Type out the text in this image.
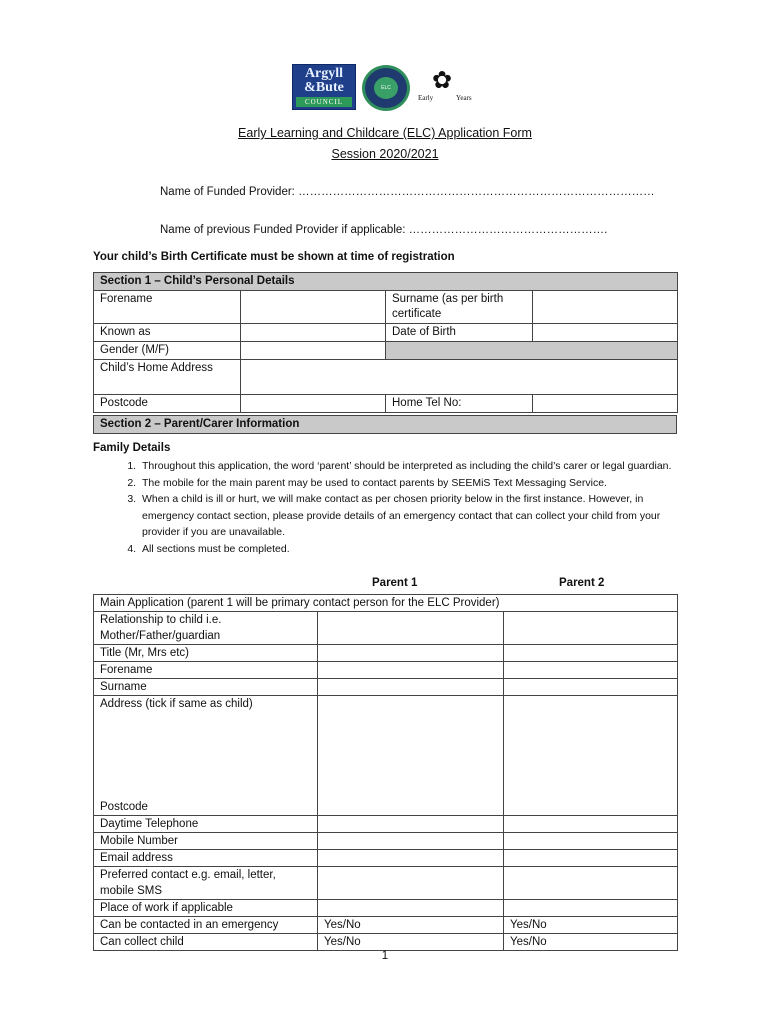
Argyll
&Bute
COUNCIL
ELC ✿
Early	Years
Early Learning and Childcare (ELC) Application Form
Session 2020/2021
Name of Funded Provider: …………………………………………………………………………………
Name of previous Funded Provider if applicable: …………………………………………….
Your child’s Birth Certificate must be shown at time of registration
Section 1 – Child’s Personal Details			
Forename		Surname (as per birth certificate	
Known as		Date of Birth	
Gender (M/F)			
Child’s Home Address			
Postcode		Home Tel No:	
Section 2 – Parent/Carer Information
Family Details
1. Throughout this application, the word ‘parent’ should be interpreted as including the child’s carer or legal guardian.
2. The mobile for the main parent may be used to contact parents by SEEMiS Text Messaging Service.
3. When a child is ill or hurt, we will make contact as per chosen priority below in the first instance. However, in emergency contact section, please provide details of an emergency contact that can collect your child from your provider if you are unavailable.
4. All sections must be completed.
Parent 1	Parent 2
Main Application (parent 1 will be primary contact person for the ELC Provider)		
Relationship to child i.e. Mother/Father/guardian		
Title (Mr, Mrs etc)		
Forename		
Surname		
Address (tick if same as child)		
Postcode		
Daytime Telephone		
Mobile Number		
Email address		
Preferred contact e.g. email, letter, mobile SMS		
Place of work if applicable		
Can be contacted in an emergency	Yes/No	Yes/No
Can collect child	Yes/No	Yes/No
1
